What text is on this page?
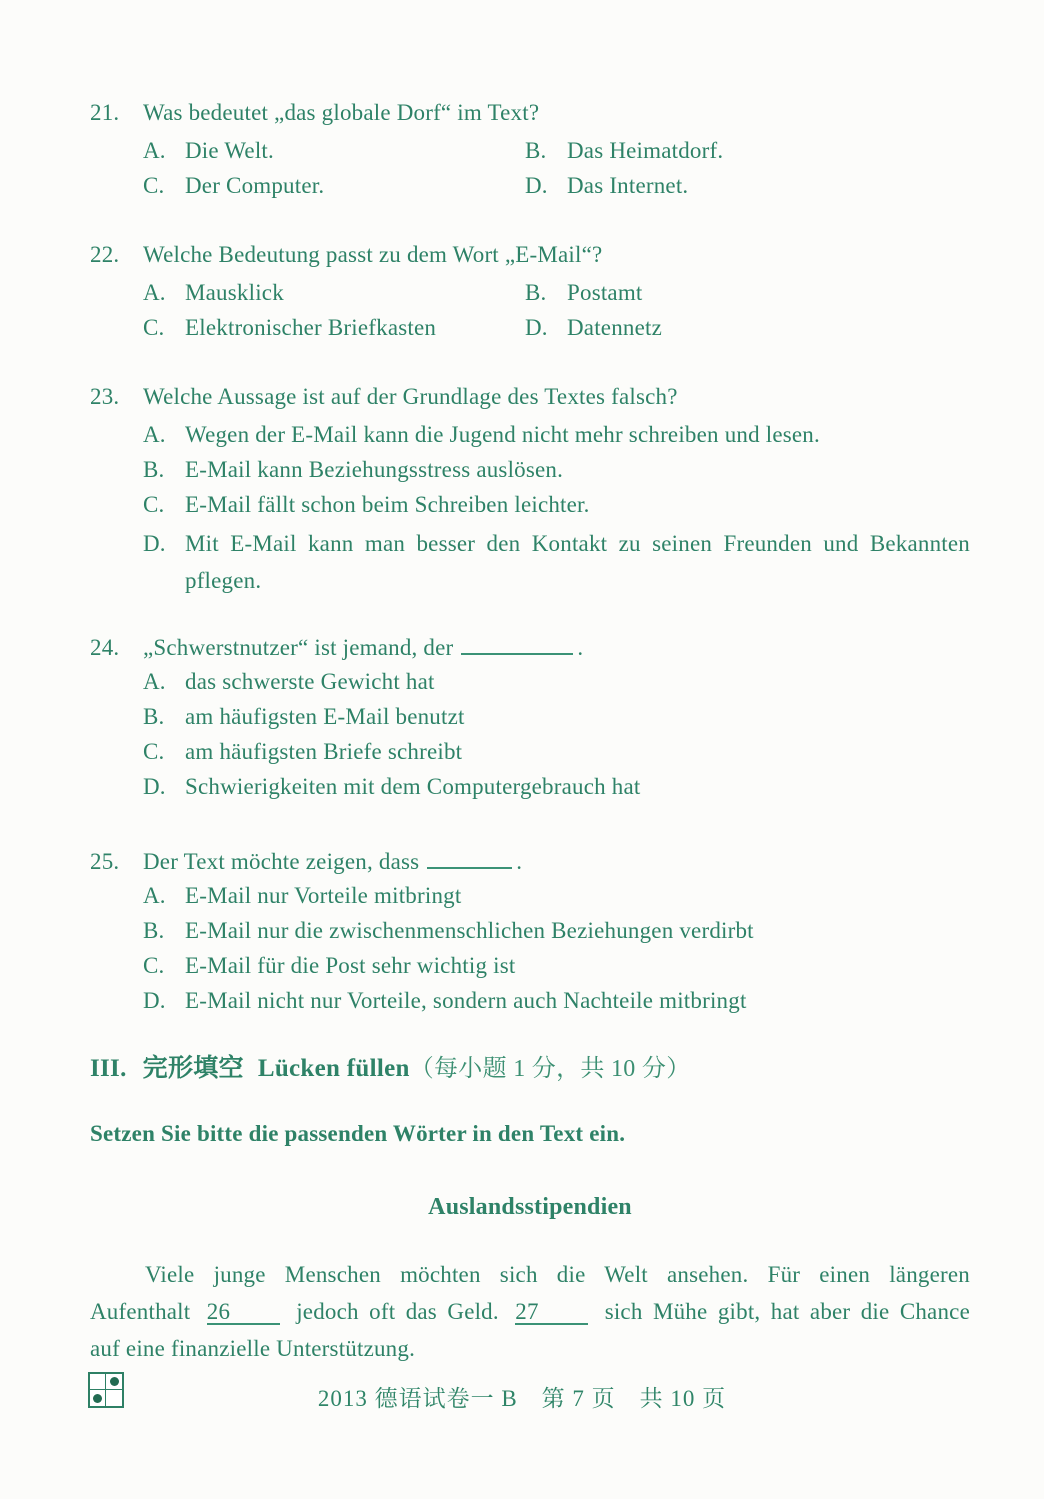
21.	Was bedeutet „das globale Dorf“ im Text?
A. Die Welt.	B. Das Heimatdorf.
C. Der Computer.	D. Das Internet.
22.	Welche Bedeutung passt zu dem Wort „E-Mail“?
A. Mausklick	B. Postamt
C. Elektronischer Briefkasten	D. Datennetz
23.	Welche Aussage ist auf der Grundlage des Textes falsch?
A. Wegen der E-Mail kann die Jugend nicht mehr schreiben und lesen.
B. E-Mail kann Beziehungsstress auslösen.
C. E-Mail fällt schon beim Schreiben leichter.
D. Mit E-Mail kann man besser den Kontakt zu seinen Freunden und Bekannten pflegen.
24.	„Schwerstnutzer“ ist jemand, der	.
A. das schwerste Gewicht hat
B. am häufigsten E-Mail benutzt
C. am häufigsten Briefe schreibt
D. Schwierigkeiten mit dem Computergebrauch hat
25.	Der Text möchte zeigen, dass	.
A. E-Mail nur Vorteile mitbringt
B. E-Mail nur die zwischenmenschlichen Beziehungen verdirbt
C. E-Mail für die Post sehr wichtig ist
D. E-Mail nicht nur Vorteile, sondern auch Nachteile mitbringt
III. 完形填空 Lücken füllen（每小题 1 分，共 10 分）
Setzen Sie bitte die passenden Wörter in den Text ein.
Auslandsstipendien
Viele junge Menschen möchten sich die Welt ansehen. Für einen längeren
Aufenthalt 26	jedoch oft das Geld. 27	sich Mühe gibt, hat aber die Chance
auf eine finanzielle Unterstützung.
2013 德语试卷一 B　第 7 页　共 10 页
